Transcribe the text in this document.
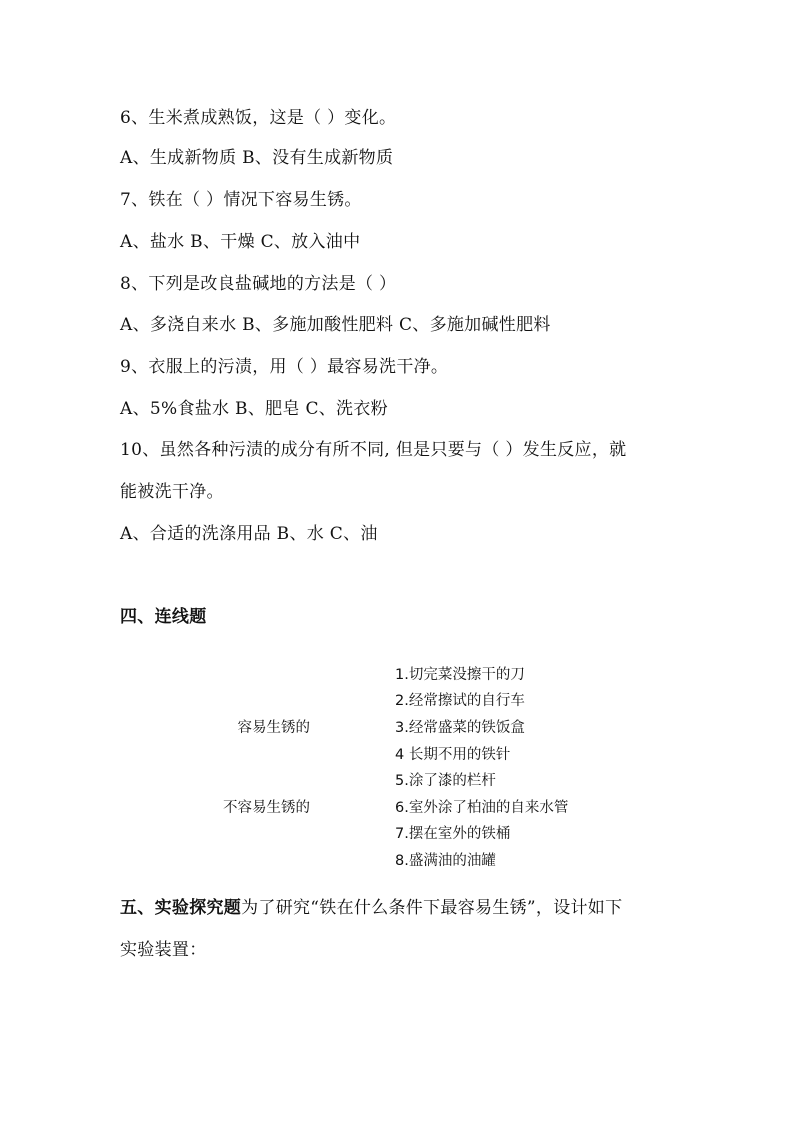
6、生米煮成熟饭，这是（ ）变化。
A、生成新物质 B、没有生成新物质
7、铁在（ ）情况下容易生锈。
A、盐水 B、干燥 C、放入油中
8、下列是改良盐碱地的方法是（ ）
A、多浇自来水 B、多施加酸性肥料 C、多施加碱性肥料
9、衣服上的污渍，用（ ）最容易洗干净。
A、5%食盐水 B、肥皂 C、洗衣粉
10、虽然各种污渍的成分有所不同, 但是只要与（ ）发生反应，就
能被洗干净。
A、合适的洗涤用品 B、水 C、油
四、连线题
容易生锈的
不容易生锈的
1.切完菜没擦干的刀
2.经常擦试的自行车
3.经常盛菜的铁饭盒
4 长期不用的铁针
5.涂了漆的栏杆
6.室外涂了柏油的自来水管
7.摆在室外的铁桶
8.盛满油的油罐
五、实验探究题为了研究“铁在什么条件下最容易生锈”，设计如下
实验装置：
